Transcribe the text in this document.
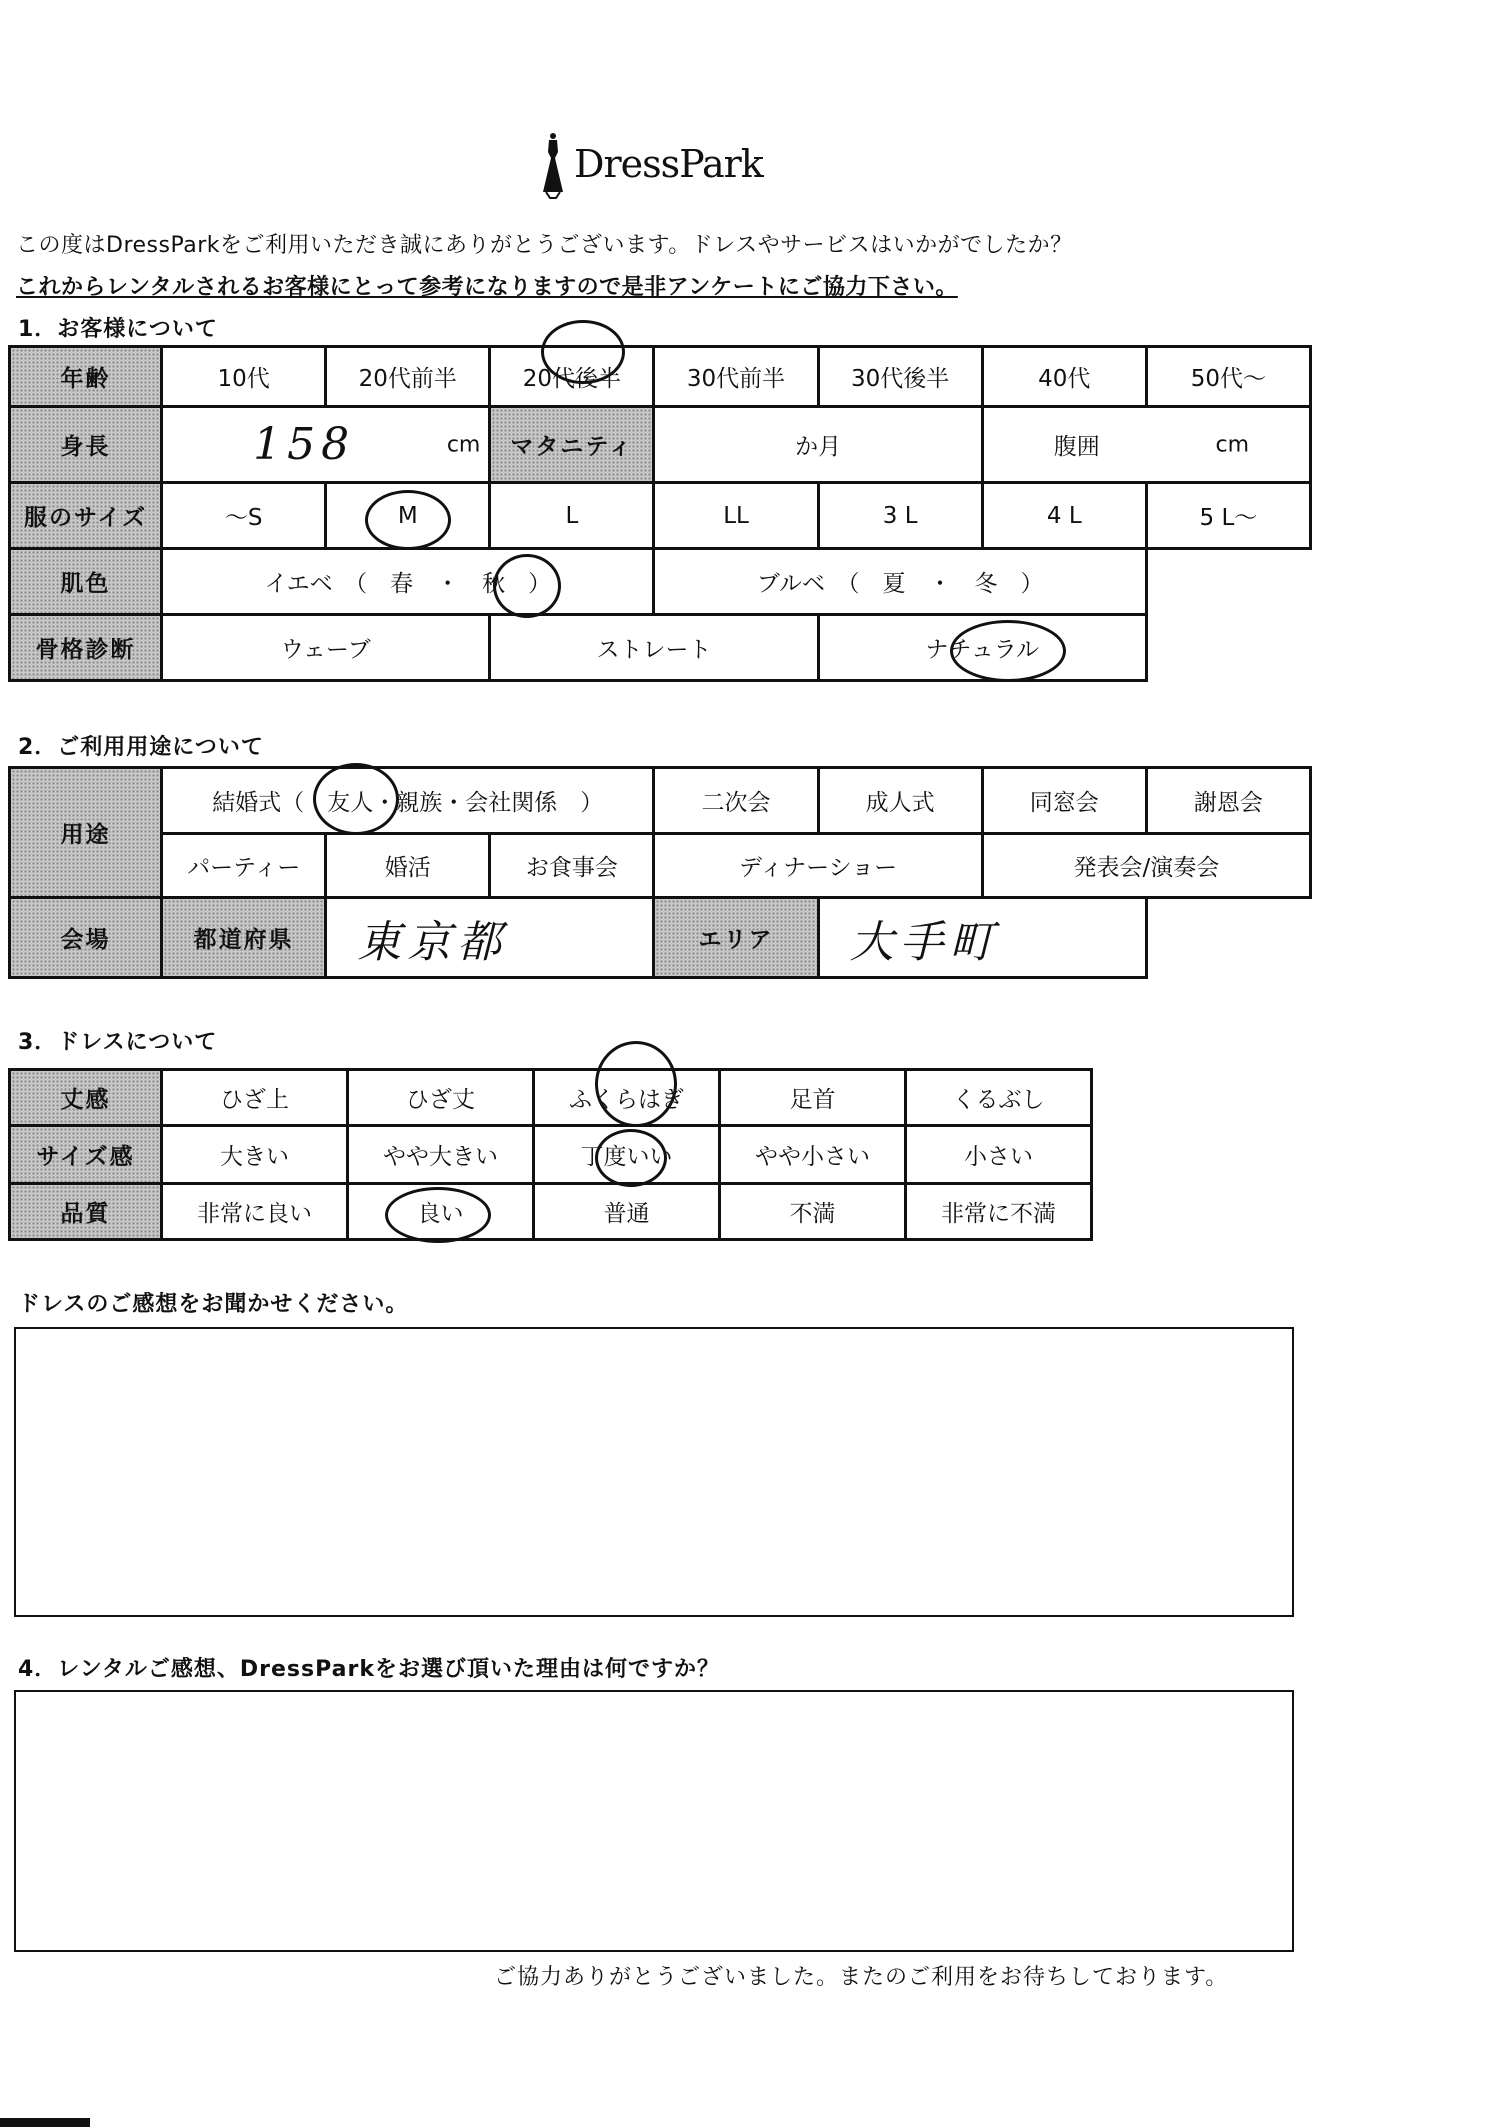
DressPark
この度はDressParkをご利用いただき誠にありがとうございます。ドレスやサービスはいかがでしたか？
これからレンタルされるお客様にとって参考になりますので是非アンケートにご協力下さい。
1．お客様について
年齢	10代	20代前半	20代後半	30代前半	30代後半	40代	50代〜
身長	158 cm		マタニティ	か月		腹囲 cm	

服のサイズ	〜S	M	L	LL	3 L	4 L	5 L〜
肌色	イエベ　（　春　・　秋　）			ブルベ　（　夏　・　冬　）			
骨格診断	ウェーブ		ストレート		ナチュラル	

2．ご利用用途について
用途	結婚式（　友人・親族・会社関係　）			二次会	成人式	同窓会	謝恩会
	パーティー	婚活	お食事会	ディナーショー		発表会/演奏会	
会場	都道府県	東京都		エリア	大手町		
3．ドレスについて
丈感	ひざ上	ひざ丈	ふくらはぎ	足首	くるぶし
サイズ感	大きい	やや大きい	丁度いい	やや小さい	小さい
品質	非常に良い	良い	普通	不満	非常に不満
ドレスのご感想をお聞かせください。
4．レンタルご感想、DressParkをお選び頂いた理由は何ですか？
ご協力ありがとうございました。またのご利用をお待ちしております。
